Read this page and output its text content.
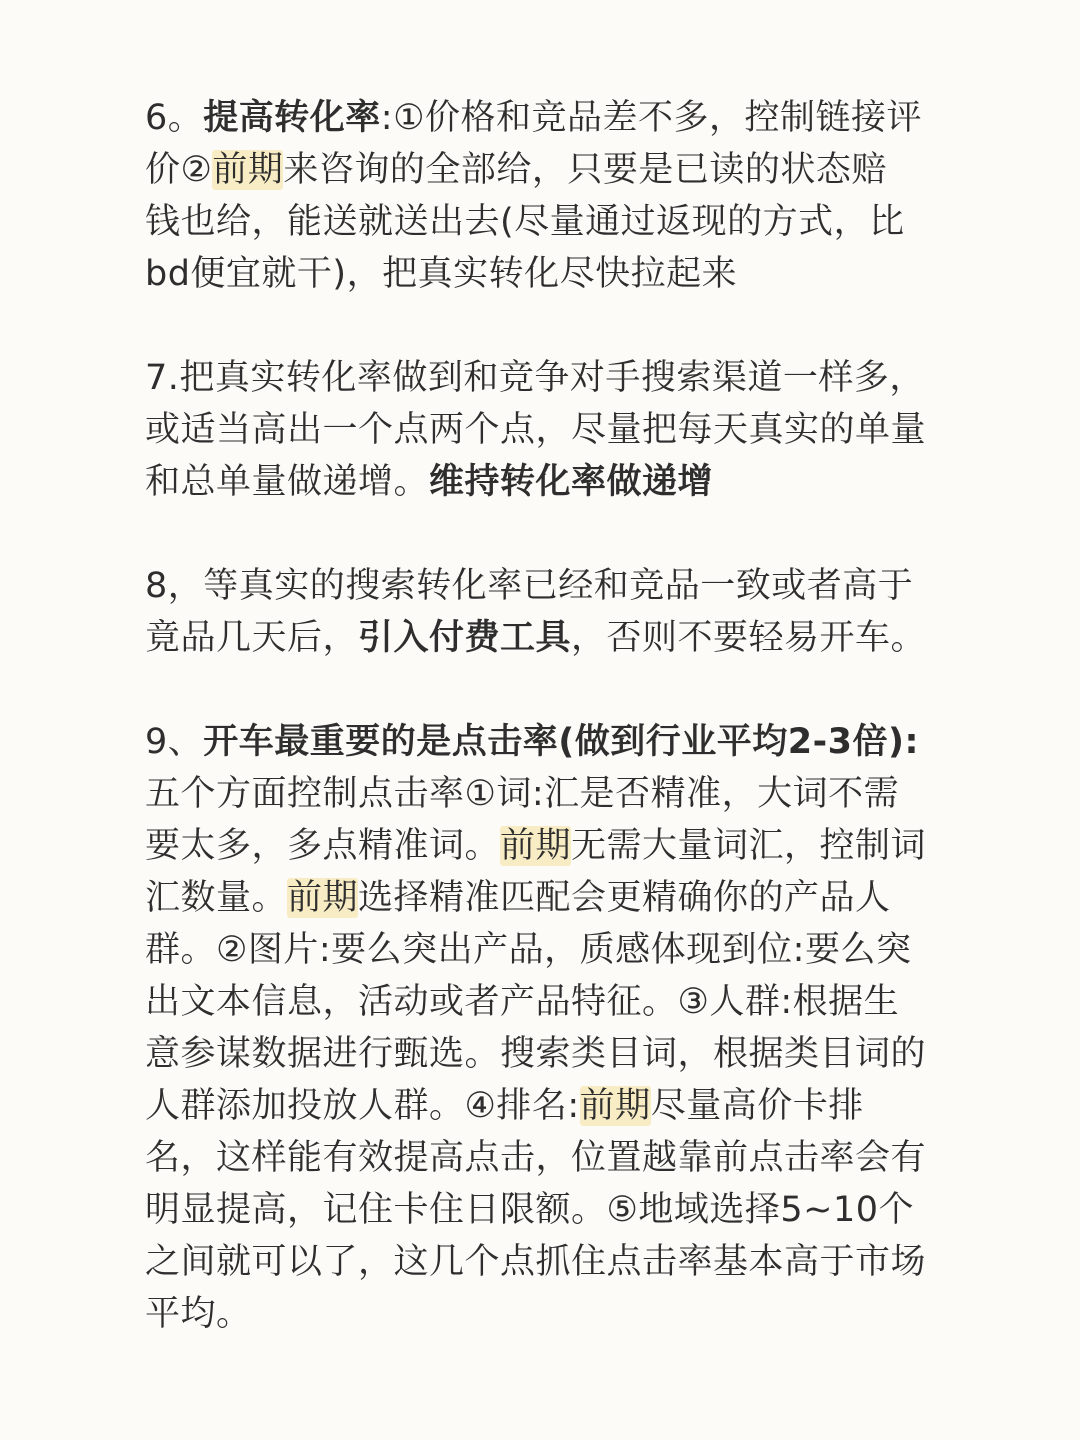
6。提高转化率:①价格和竞品差不多，控制链接评
价②前期来咨询的全部给，只要是已读的状态赔
钱也给，能送就送出去(尽量通过返现的方式，比
bd便宜就干)，把真实转化尽快拉起来
7.把真实转化率做到和竞争对手搜索渠道一样多，
或适当高出一个点两个点，尽量把每天真实的单量
和总单量做递增。维持转化率做递增
8，等真实的搜索转化率已经和竞品一致或者高于
竟品几天后，引入付费工具，否则不要轻易开车。
9、开车最重要的是点击率(做到行业平均2-3倍):
五个方面控制点击率①词:汇是否精准，大词不需
要太多，多点精准词。前期无需大量词汇，控制词
汇数量。前期选择精准匹配会更精确你的产品人
群。②图片:要么突出产品，质感体现到位:要么突
出文本信息，活动或者产品特征。③人群:根据生
意参谋数据进行甄选。搜索类目词，根据类目词的
人群添加投放人群。④排名:前期尽量高价卡排
名，这样能有效提高点击，位置越靠前点击率会有
明显提高，记住卡住日限额。⑤地域选择5~10个
之间就可以了，这几个点抓住点击率基本高于市场
平均。
